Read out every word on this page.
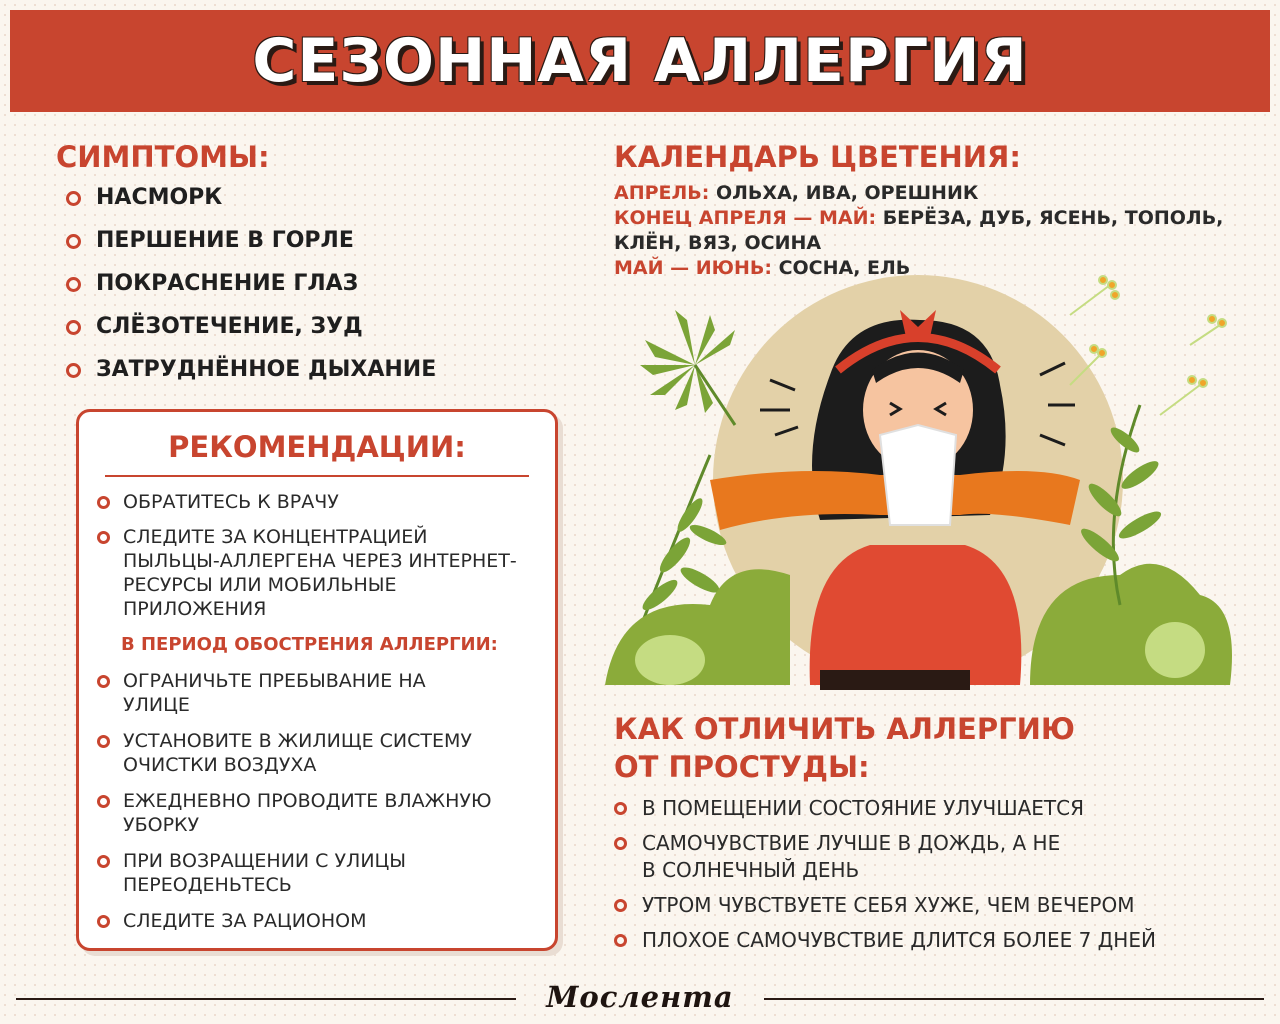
СЕЗОННАЯ АЛЛЕРГИЯ
СИМПТОМЫ:
НАСМОРК
ПЕРШЕНИЕ В ГОРЛЕ
ПОКРАСНЕНИЕ ГЛАЗ
СЛЁЗОТЕЧЕНИЕ, ЗУД
ЗАТРУДНЁННОЕ ДЫХАНИЕ
РЕКОМЕНДАЦИИ:
ОБРАТИТЕСЬ К ВРАЧУ
СЛЕДИТЕ ЗА КОНЦЕНТРАЦИЕЙ ПЫЛЬЦЫ-АЛЛЕРГЕНА ЧЕРЕЗ ИНТЕРНЕТ-РЕСУРСЫ ИЛИ МОБИЛЬНЫЕ ПРИЛОЖЕНИЯ

В ПЕРИОД ОБОСТРЕНИЯ АЛЛЕРГИИ:

ОГРАНИЧЬТЕ ПРЕБЫВАНИЕ НА УЛИЦЕ
УСТАНОВИТЕ В ЖИЛИЩЕ СИСТЕМУ ОЧИСТКИ ВОЗДУХА
ЕЖЕДНЕВНО ПРОВОДИТЕ ВЛАЖНУЮ УБОРКУ
ПРИ ВОЗРАЩЕНИИ С УЛИЦЫ ПЕРЕОДЕНЬТЕСЬ
СЛЕДИТЕ ЗА РАЦИОНОМ
КАЛЕНДАРЬ ЦВЕТЕНИЯ:

АПРЕЛЬ: ОЛЬХА, ИВА, ОРЕШНИК

КОНЕЦ АПРЕЛЯ — МАЙ: БЕРЁЗА, ДУБ, ЯСЕНЬ, ТОПОЛЬ, КЛЁН, ВЯЗ, ОСИНА

МАЙ — ИЮНЬ: СОСНА, ЕЛЬ

КАК ОТЛИЧИТЬ АЛЛЕРГИЮ
ОТ ПРОСТУДЫ:
В ПОМЕЩЕНИИ СОСТОЯНИЕ УЛУЧШАЕТСЯ
САМОЧУВСТВИЕ ЛУЧШЕ В ДОЖДЬ, А НЕ В СОЛНЕЧНЫЙ ДЕНЬ
УТРОМ ЧУВСТВУЕТЕ СЕБЯ ХУЖЕ, ЧЕМ ВЕЧЕРОМ
ПЛОХОЕ САМОЧУВСТВИЕ ДЛИТСЯ БОЛЕЕ 7 ДНЕЙ
Мослента
